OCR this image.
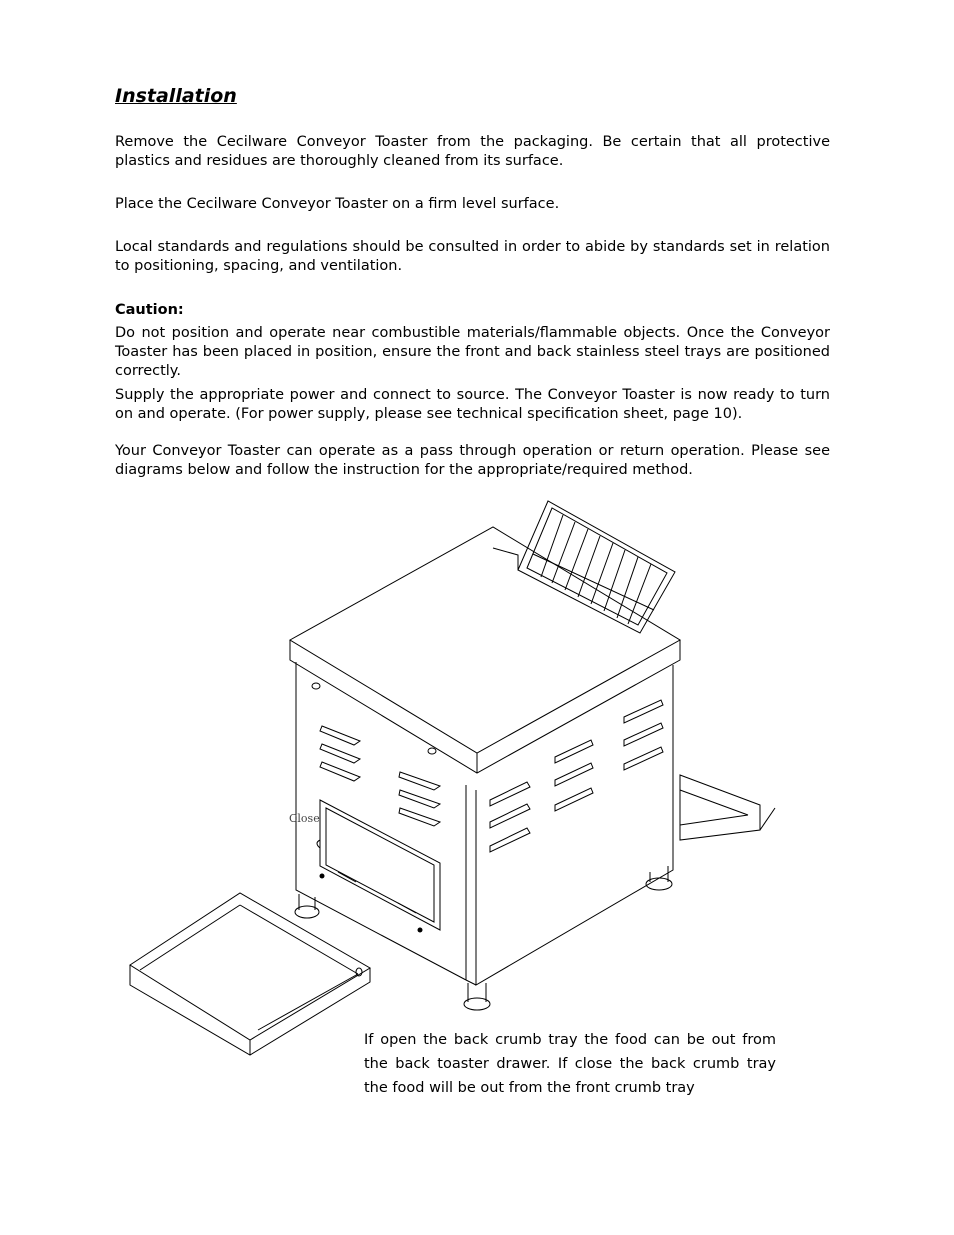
Installation

Remove the Cecilware Conveyor Toaster from the packaging. Be certain that all protective plastics and residues are thoroughly cleaned from its surface.

Place the Cecilware Conveyor Toaster on a firm level surface.

Local standards and regulations should be consulted in order to abide by standards set in relation to positioning, spacing, and ventilation.

Caution:

Do not position and operate near combustible materials/flammable objects. Once the Conveyor Toaster has been placed in position, ensure the front and back stainless steel trays are positioned correctly.

Supply the appropriate power and connect to source. The Conveyor Toaster is now ready to turn on and operate. (For power supply, please see technical specification sheet, page 10).

Your Conveyor Toaster can operate as a pass through operation or return operation. Please see diagrams below and follow the instruction for the appropriate/required method.

Close

If open the back crumb tray the food can be out from the back toaster drawer. If close the back crumb tray the food will be out from the front crumb tray
